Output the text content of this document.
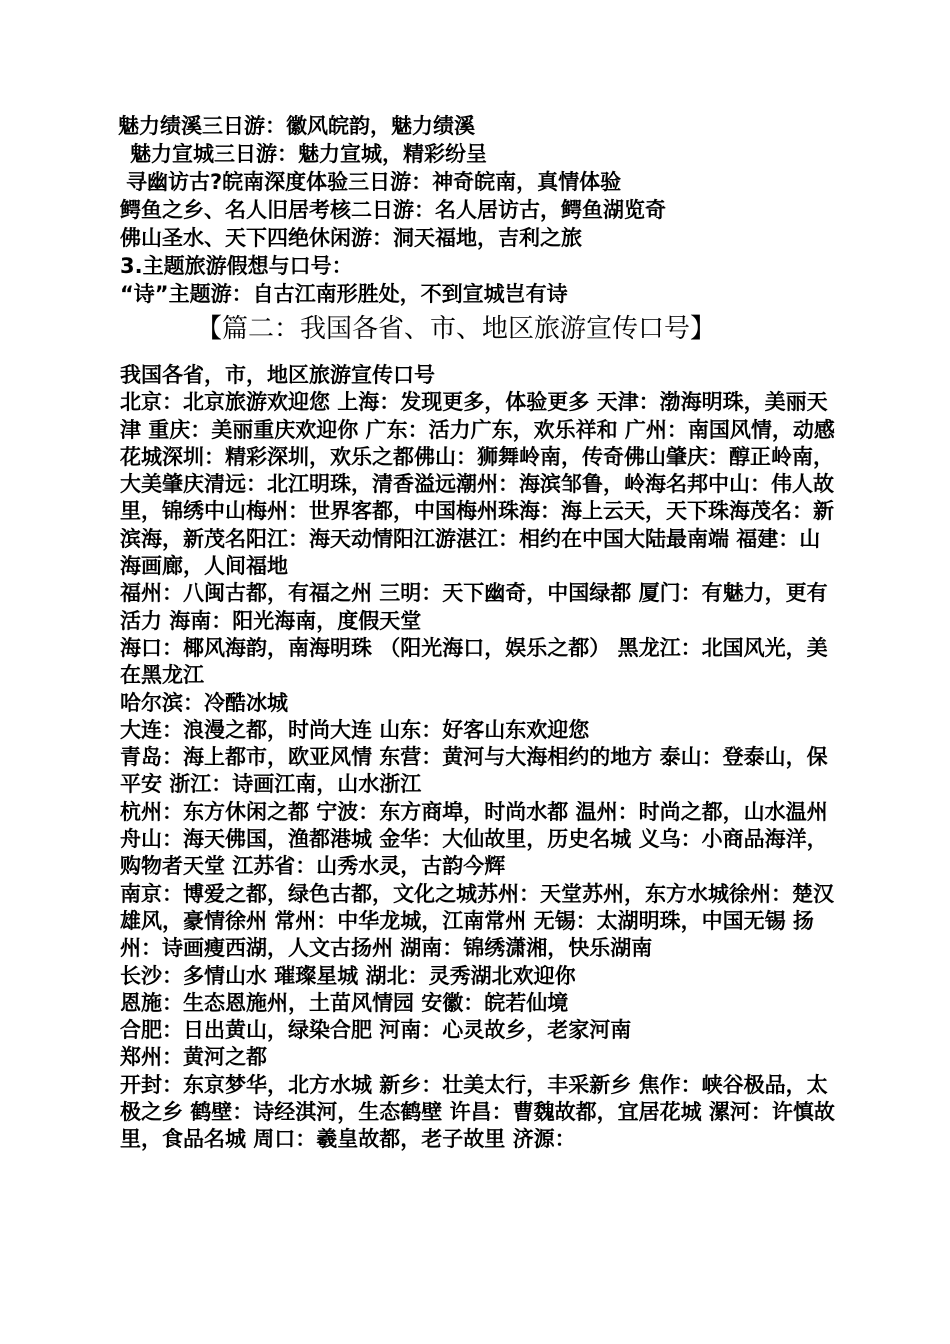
魅力绩溪三日游：徽风皖韵，魅力绩溪
魅力宣城三日游：魅力宣城，精彩纷呈
寻幽访古?皖南深度体验三日游：神奇皖南，真情体验
鳄鱼之乡、名人旧居考核二日游：名人居访古，鳄鱼湖览奇
佛山圣水、天下四绝休闲游：洞天福地，吉利之旅
3.主题旅游假想与口号：
“诗”主题游：自古江南形胜处，不到宣城岂有诗
【篇二：我国各省、市、地区旅游宣传口号】

我国各省，市，地区旅游宣传口号

北京：北京旅游欢迎您 上海：发现更多，体验更多 天津：渤海明珠，美丽天津 重庆：美丽重庆欢迎你 广东：活力广东，欢乐祥和 广州：南国风情，动感花城深圳：精彩深圳，欢乐之都佛山：狮舞岭南，传奇佛山肇庆：醇正岭南，大美肇庆清远：北江明珠，清香溢远潮州：海滨邹鲁，岭海名邦中山：伟人故里，锦绣中山梅州：世界客都，中国梅州珠海：海上云天，天下珠海茂名：新滨海，新茂名阳江：海天动情阳江游湛江：相约在中国大陆最南端 福建：山海画廊，人间福地

福州：八闽古都，有福之州 三明：天下幽奇，中国绿都 厦门：有魅力，更有活力 海南：阳光海南，度假天堂

海口：椰风海韵，南海明珠 （阳光海口，娱乐之都） 黑龙江：北国风光，美在黑龙江

哈尔滨：冷酷冰城

大连：浪漫之都，时尚大连 山东：好客山东欢迎您

青岛：海上都市，欧亚风情 东营：黄河与大海相约的地方 泰山：登泰山，保平安 浙江：诗画江南，山水浙江

杭州：东方休闲之都 宁波：东方商埠，时尚水都 温州：时尚之都，山水温州 舟山：海天佛国，渔都港城 金华：大仙故里，历史名城 义乌：小商品海洋，购物者天堂 江苏省：山秀水灵，古韵今辉

南京：博爱之都，绿色古都，文化之城苏州：天堂苏州，东方水城徐州：楚汉雄风，豪情徐州 常州：中华龙城，江南常州 无锡：太湖明珠，中国无锡 扬州：诗画瘦西湖，人文古扬州 湖南：锦绣潇湘，快乐湖南

长沙：多情山水 璀璨星城 湖北：灵秀湖北欢迎你

恩施：生态恩施州，土苗风情园 安徽：皖若仙境

合肥：日出黄山，绿染合肥 河南：心灵故乡，老家河南

郑州：黄河之都

开封：东京梦华，北方水城 新乡：壮美太行，丰采新乡 焦作：峡谷极品，太极之乡 鹤壁：诗经淇河，生态鹤壁 许昌：曹魏故都，宜居花城 漯河：许慎故里，食品名城 周口：羲皇故都，老子故里 济源：
